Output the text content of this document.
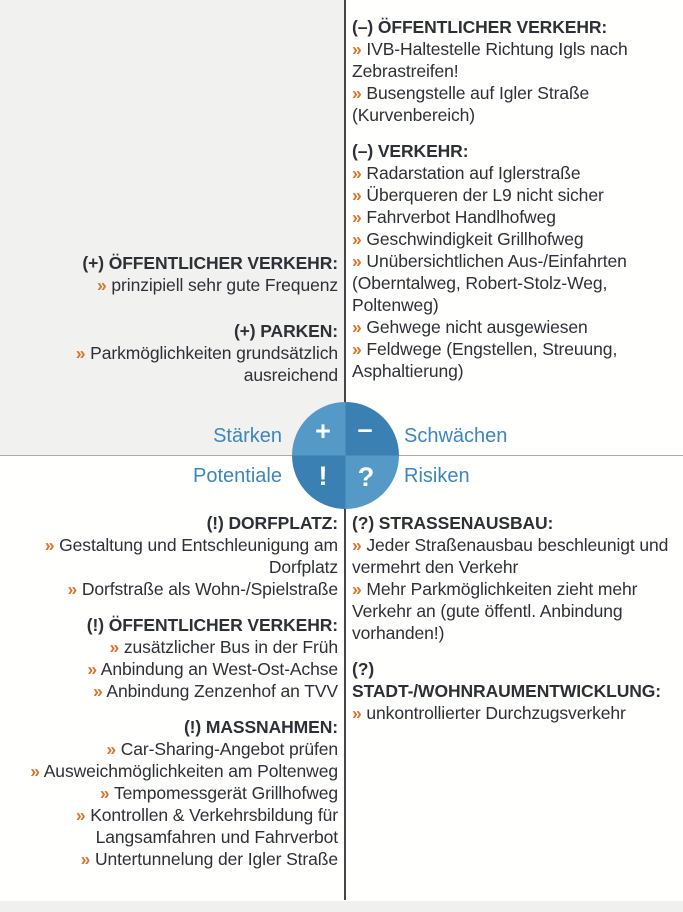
(+) ÖFFENTLICHER VERKEHR:
» prinzipiell sehr gute Frequenz
(+) PARKEN:
» Parkmöglichkeiten grundsätzlich ausreichend
(–) ÖFFENTLICHER VERKEHR:
» IVB-Haltestelle Richtung Igls nach Zebrastreifen!
» Busengstelle auf Igler Straße (Kurvenbereich)
(–) VERKEHR:
» Radarstation auf Iglerstraße
» Überqueren der L9 nicht sicher
» Fahrverbot Handlhofweg
» Geschwindigkeit Grillhofweg
» Unübersichtlichen Aus-/Einfahrten (Oberntalweg, Robert-Stolz-Weg, Poltenweg)
» Gehwege nicht ausgewiesen
» Feldwege (Engstellen, Streuung, Asphaltierung)
(!) DORFPLATZ:
» Gestaltung und Entschleunigung am Dorfplatz
» Dorfstraße als Wohn-/Spielstraße
(!) ÖFFENTLICHER VERKEHR:
» zusätzlicher Bus in der Früh
» Anbindung an West-Ost-Achse
» Anbindung Zenzenhof an TVV
(!) MASSNAHMEN:
» Car-Sharing-Angebot prüfen
» Ausweichmöglichkeiten am Poltenweg
» Tempomessgerät Grillhofweg
» Kontrollen & Verkehrsbildung für Langsamfahren und Fahrverbot
» Untertunnelung der Igler Straße
(?) STRASSENAUSBAU:
» Jeder Straßenausbau beschleunigt und vermehrt den Verkehr
» Mehr Parkmöglichkeiten zieht mehr Verkehr an (gute öffentl. Anbindung vorhanden!)
(?) STADT-/WOHNRAUMENTWICKLUNG:
» unkontrollierter Durchzugsverkehr
+ –
!	?
Stärken	Schwächen
Potentiale	Risiken
